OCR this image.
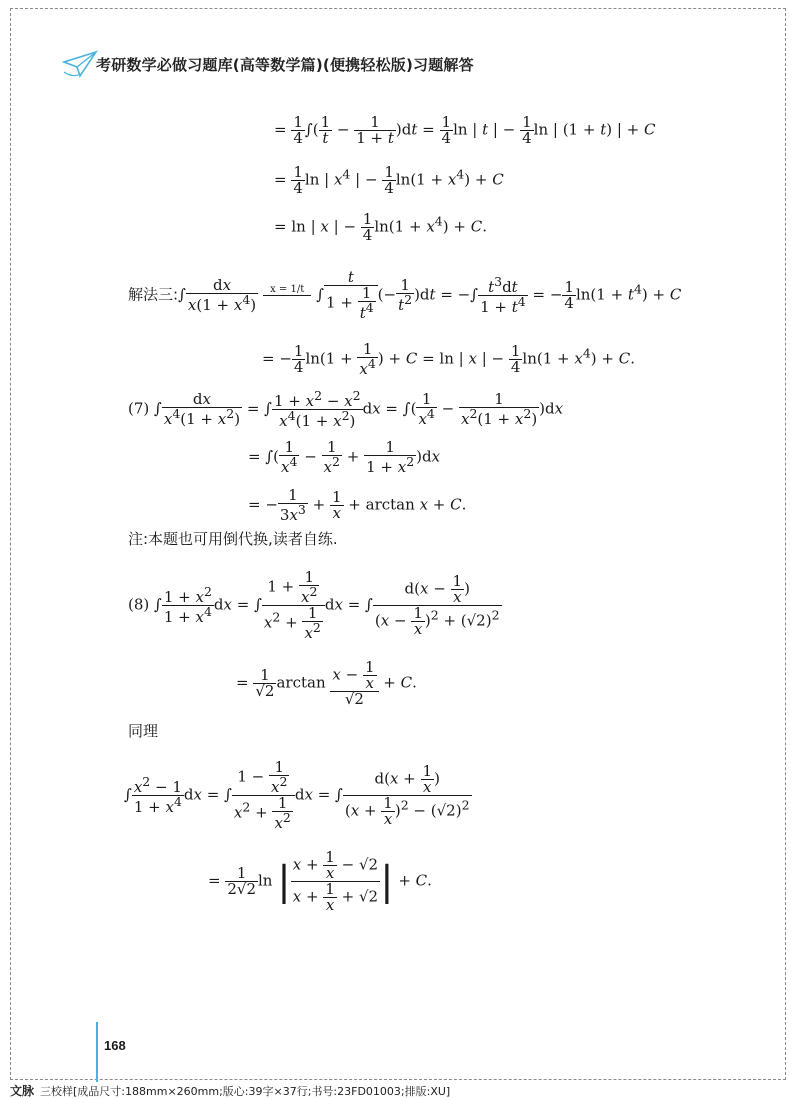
考研数学必做习题库(高等数学篇)(便携轻松版)习题解答
= $\frac{1}{4}$ ∫( $\frac{1}{t} - \frac{1}{1 + t} )dt = \frac{1}{4}$ ln | t | − $\frac{1}{4}$ ln | (1 + t) | + C
= $\frac{1}{4}$ ln | $x^4$ | − $\frac{1}{4} \ln(1 + x^4) + C$
= ln | x | − $\frac{1}{4} \ln(1 + x^4) + C$.
解法三:∫ $\frac{dx}{x(1 + x^4)}$
	x = 1/t
∫ $\frac{t}{1 + \frac{1}{t^4}}$ (− $\frac{1}{t^2} )dt$ = −∫ $\frac{t^3dt}{1 + t^4}$ = − $\frac{1}{4} \ln(1 + t^4) + C$
= − $\frac{1}{4} \ln(1 + \frac{1}{x^4}$ ) + C = ln | x | − $\frac{1}{4} \ln(1 + x^4) + C$.
(7) ∫ $\frac{dx}{x^4(1 + x^2)}$ = ∫ $\frac{1 + x^2 - x^2}{x^4(1 + x^2)}$ dx = ∫( $\frac{1}{x^4} - \frac{1}{x^2(1 + x^2)} )dx$
= ∫( $\frac{1}{x^4} - \frac{1}{x^2} + \frac{1}{1 + x^2} )dx$
= − $\frac{1}{3x^3} + \frac{1}{x} + \arctan x + C$.
注:本题也可用倒代换,读者自练.
(8) ∫ $\frac{1 + x^2}{1 + x^4}$ dx = ∫ $\frac{1 + \frac{1}{x^2}}{x^2 + \frac{1}{x^2}}$ dx = ∫ $\frac{d(x - \frac{1}{x} )}{(x - \frac{1}{x} )^2 + (√2)^2}$
= $\frac{1}{√2}$ $\arctan \frac{x - \frac{1}{x}}{√2} + C$.
同理
∫ $\frac{x^2 - 1}{1 + x^4}$ dx = ∫ $\frac{1 - \frac{1}{x^2}}{x^2 + \frac{1}{x^2}}$ dx = ∫ $\frac{d(x + \frac{1}{x} )}{(x + \frac{1}{x} )^2 - (√2)^2}$
= $\frac{1}{2√2}$ ln | $\frac{x + \frac{1}{x} - √2}{x + \frac{1}{x} + √2}$ | + C.
168
文脉 三校样[成品尺寸:188mm×260mm;版心:39字×37行;书号:23FD01003;排版:XU]
